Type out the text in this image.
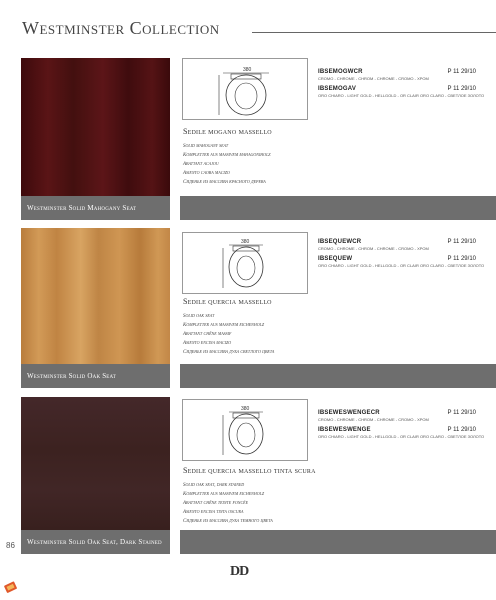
Westminster Collection
Westminster Solid Mahogany Seat
380	IBSEMOGWCR	P 11 29/10
CROMO - CHROME - CHROM - CHROME - CROMO - ХРОМ
IBSEMOGAV	P 11 29/10
ORO CHIARO - LIGHT GOLD - HELLGOLD - OR CLAIR ORO CLARO - СВЕТЛОЕ ЗОЛОТО
Sedile mogano massello
Solid mahogany seat
Kompletter aus massivem mahagoniholz
Abattant acajou
Asiento caoba macizo
Сиденье из массива красного дерева
Westminster Solid Oak Seat
380	IBSEQUEWCR	P 11 29/10
CROMO - CHROME - CHROM - CHROME - CROMO - ХРОМ
IBSEQUEW	P 11 29/10
ORO CHIARO - LIGHT GOLD - HELLGOLD - OR CLAIR ORO CLARO - СВЕТЛОЕ ЗОЛОТО
Sedile quercia massello
Solid oak seat
Kompletter aus massivem eichenholz
Abattant chêne massif
Asiento encina macizo
Сиденье из массива дуба светлого цвета
Westminster Solid Oak Seat, Dark Stained
380
IBSEWESWENGECR	P 11 29/10
CROMO - CHROME - CHROM - CHROME - CROMO - ХРОМ
IBSEWESWENGE	P 11 29/10
ORO CHIARO - LIGHT GOLD - HELLGOLD - OR CLAIR ORO CLARO - СВЕТЛОЕ ЗОЛОТО
Sedile quercia massello tinta scura
Solid oak seat, dark stained
Kompletter aus massivem eichenholz
Abattant chêne teinte foncée
Asiento encina tinta oscura
Сиденье из массива дуба темного цвета
86
DD
